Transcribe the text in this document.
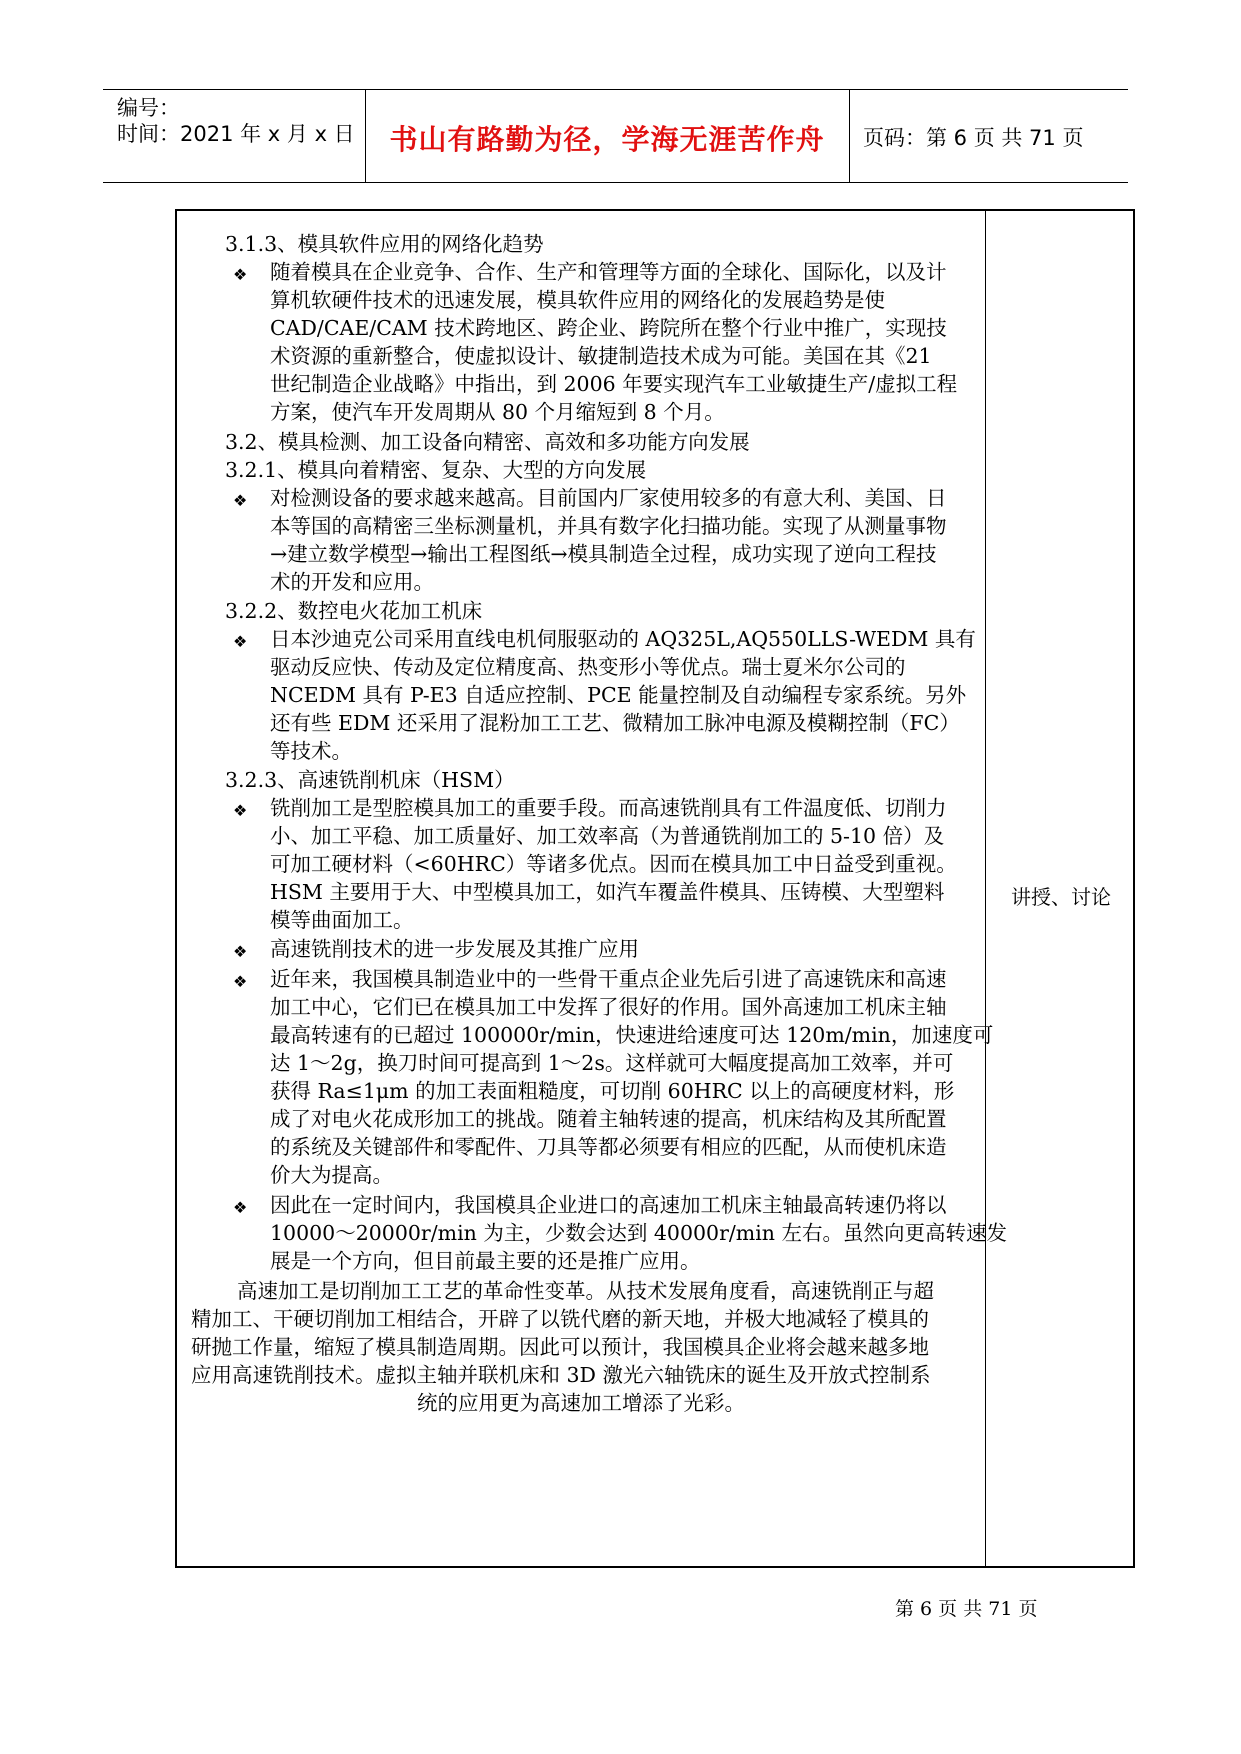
编号：
时间：2021 年 x 月 x 日	书山有路勤为径，学海无涯苦作舟	页码：第 6 页 共 71 页
讲授、讨论
3.1.3、模具软件应用的网络化趋势
❖ 随着模具在企业竞争、合作、生产和管理等方面的全球化、国际化，以及计
算机软硬件技术的迅速发展，模具软件应用的网络化的发展趋势是使
CAD/CAE/CAM 技术跨地区、跨企业、跨院所在整个行业中推广，实现技
术资源的重新整合，使虚拟设计、敏捷制造技术成为可能。美国在其《21
世纪制造企业战略》中指出，到 2006 年要实现汽车工业敏捷生产/虚拟工程
方案，使汽车开发周期从 80 个月缩短到 8 个月。
3.2、模具检测、加工设备向精密、高效和多功能方向发展
3.2.1、模具向着精密、复杂、大型的方向发展
❖ 对检测设备的要求越来越高。目前国内厂家使用较多的有意大利、美国、日
本等国的高精密三坐标测量机，并具有数字化扫描功能。实现了从测量事物
→建立数学模型→输出工程图纸→模具制造全过程，成功实现了逆向工程技
术的开发和应用。
3.2.2、数控电火花加工机床
❖ 日本沙迪克公司采用直线电机伺服驱动的 AQ325L,AQ550LLS-WEDM 具有
驱动反应快、传动及定位精度高、热变形小等优点。瑞士夏米尔公司的
NCEDM 具有 P-E3 自适应控制、PCE 能量控制及自动编程专家系统。另外
还有些 EDM 还采用了混粉加工工艺、微精加工脉冲电源及模糊控制（FC）
等技术。
3.2.3、高速铣削机床（HSM）
❖ 铣削加工是型腔模具加工的重要手段。而高速铣削具有工件温度低、切削力
小、加工平稳、加工质量好、加工效率高（为普通铣削加工的 5-10 倍）及
可加工硬材料（<60HRC）等诸多优点。因而在模具加工中日益受到重视。
HSM 主要用于大、中型模具加工，如汽车覆盖件模具、压铸模、大型塑料
模等曲面加工。
❖ 高速铣削技术的进一步发展及其推广应用
❖ 近年来，我国模具制造业中的一些骨干重点企业先后引进了高速铣床和高速
加工中心，它们已在模具加工中发挥了很好的作用。国外高速加工机床主轴
最高转速有的已超过 100000r/min，快速进给速度可达 120m/min，加速度可
达 1～2g，换刀时间可提高到 1～2s。这样就可大幅度提高加工效率，并可
获得 Ra≤1μm 的加工表面粗糙度，可切削 60HRC 以上的高硬度材料，形
成了对电火花成形加工的挑战。随着主轴转速的提高，机床结构及其所配置
的系统及关键部件和零配件、刀具等都必须要有相应的匹配，从而使机床造
价大为提高。
❖ 因此在一定时间内，我国模具企业进口的高速加工机床主轴最高转速仍将以
10000～20000r/min 为主，少数会达到 40000r/min 左右。虽然向更高转速发
展是一个方向，但目前最主要的还是推广应用。
高速加工是切削加工工艺的革命性变革。从技术发展角度看，高速铣削正与超
精加工、干硬切削加工相结合，开辟了以铣代磨的新天地，并极大地减轻了模具的
研抛工作量，缩短了模具制造周期。因此可以预计，我国模具企业将会越来越多地
应用高速铣削技术。虚拟主轴并联机床和 3D 激光六轴铣床的诞生及开放式控制系
统的应用更为高速加工增添了光彩。
第 6 页 共 71 页
